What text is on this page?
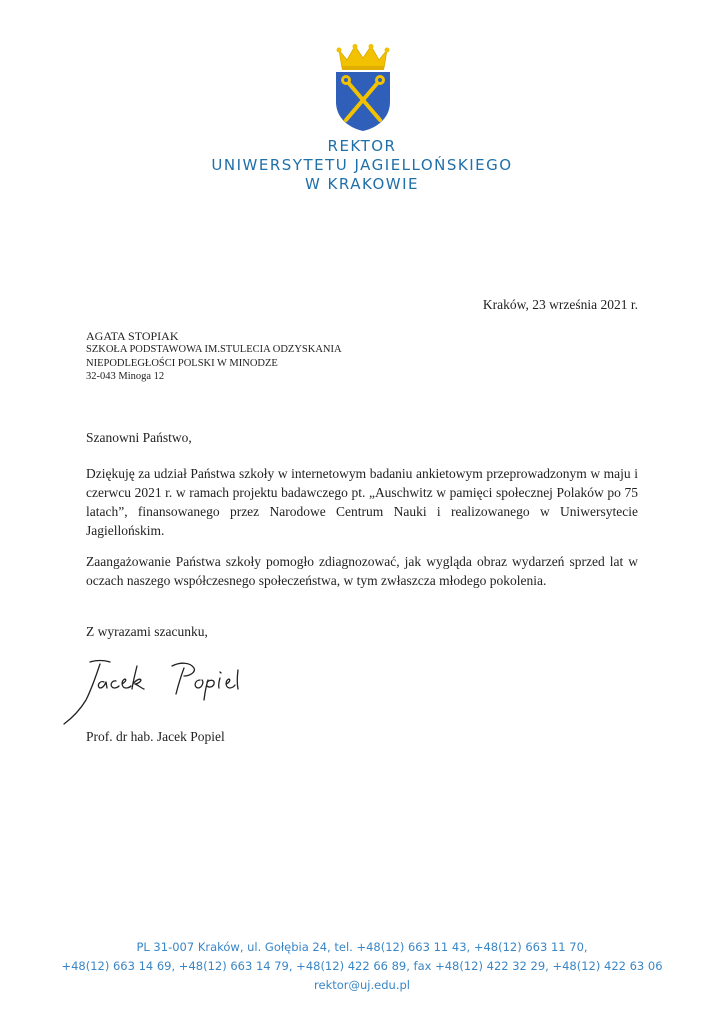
REKTOR
UNIWERSYTETU JAGIELLOŃSKIEGO
W KRAKOWIE
Kraków, 23 września 2021 r.
AGATA STOPIAK
SZKOŁA PODSTAWOWA IM.STULECIA ODZYSKANIA
NIEPODLEGŁOŚCI POLSKI W MINODZE
32-043 Minoga 12
Szanowni Państwo,
Dziękuję za udział Państwa szkoły w internetowym badaniu ankietowym przeprowadzonym w maju i czerwcu 2021 r. w ramach projektu badawczego pt. „Auschwitz w pamięci społecznej Polaków po 75 latach”, finansowanego przez Narodowe Centrum Nauki i realizowanego w Uniwersytecie Jagiellońskim.
Zaangażowanie Państwa szkoły pomogło zdiagnozować, jak wygląda obraz wydarzeń sprzed lat w oczach naszego współczesnego społeczeństwa, w tym zwłaszcza młodego pokolenia.
Z wyrazami szacunku,
Prof. dr hab. Jacek Popiel
PL 31-007 Kraków, ul. Gołębia 24, tel. +48(12) 663 11 43, +48(12) 663 11 70,
+48(12) 663 14 69, +48(12) 663 14 79, +48(12) 422 66 89, fax +48(12) 422 32 29, +48(12) 422 63 06
rektor@uj.edu.pl
